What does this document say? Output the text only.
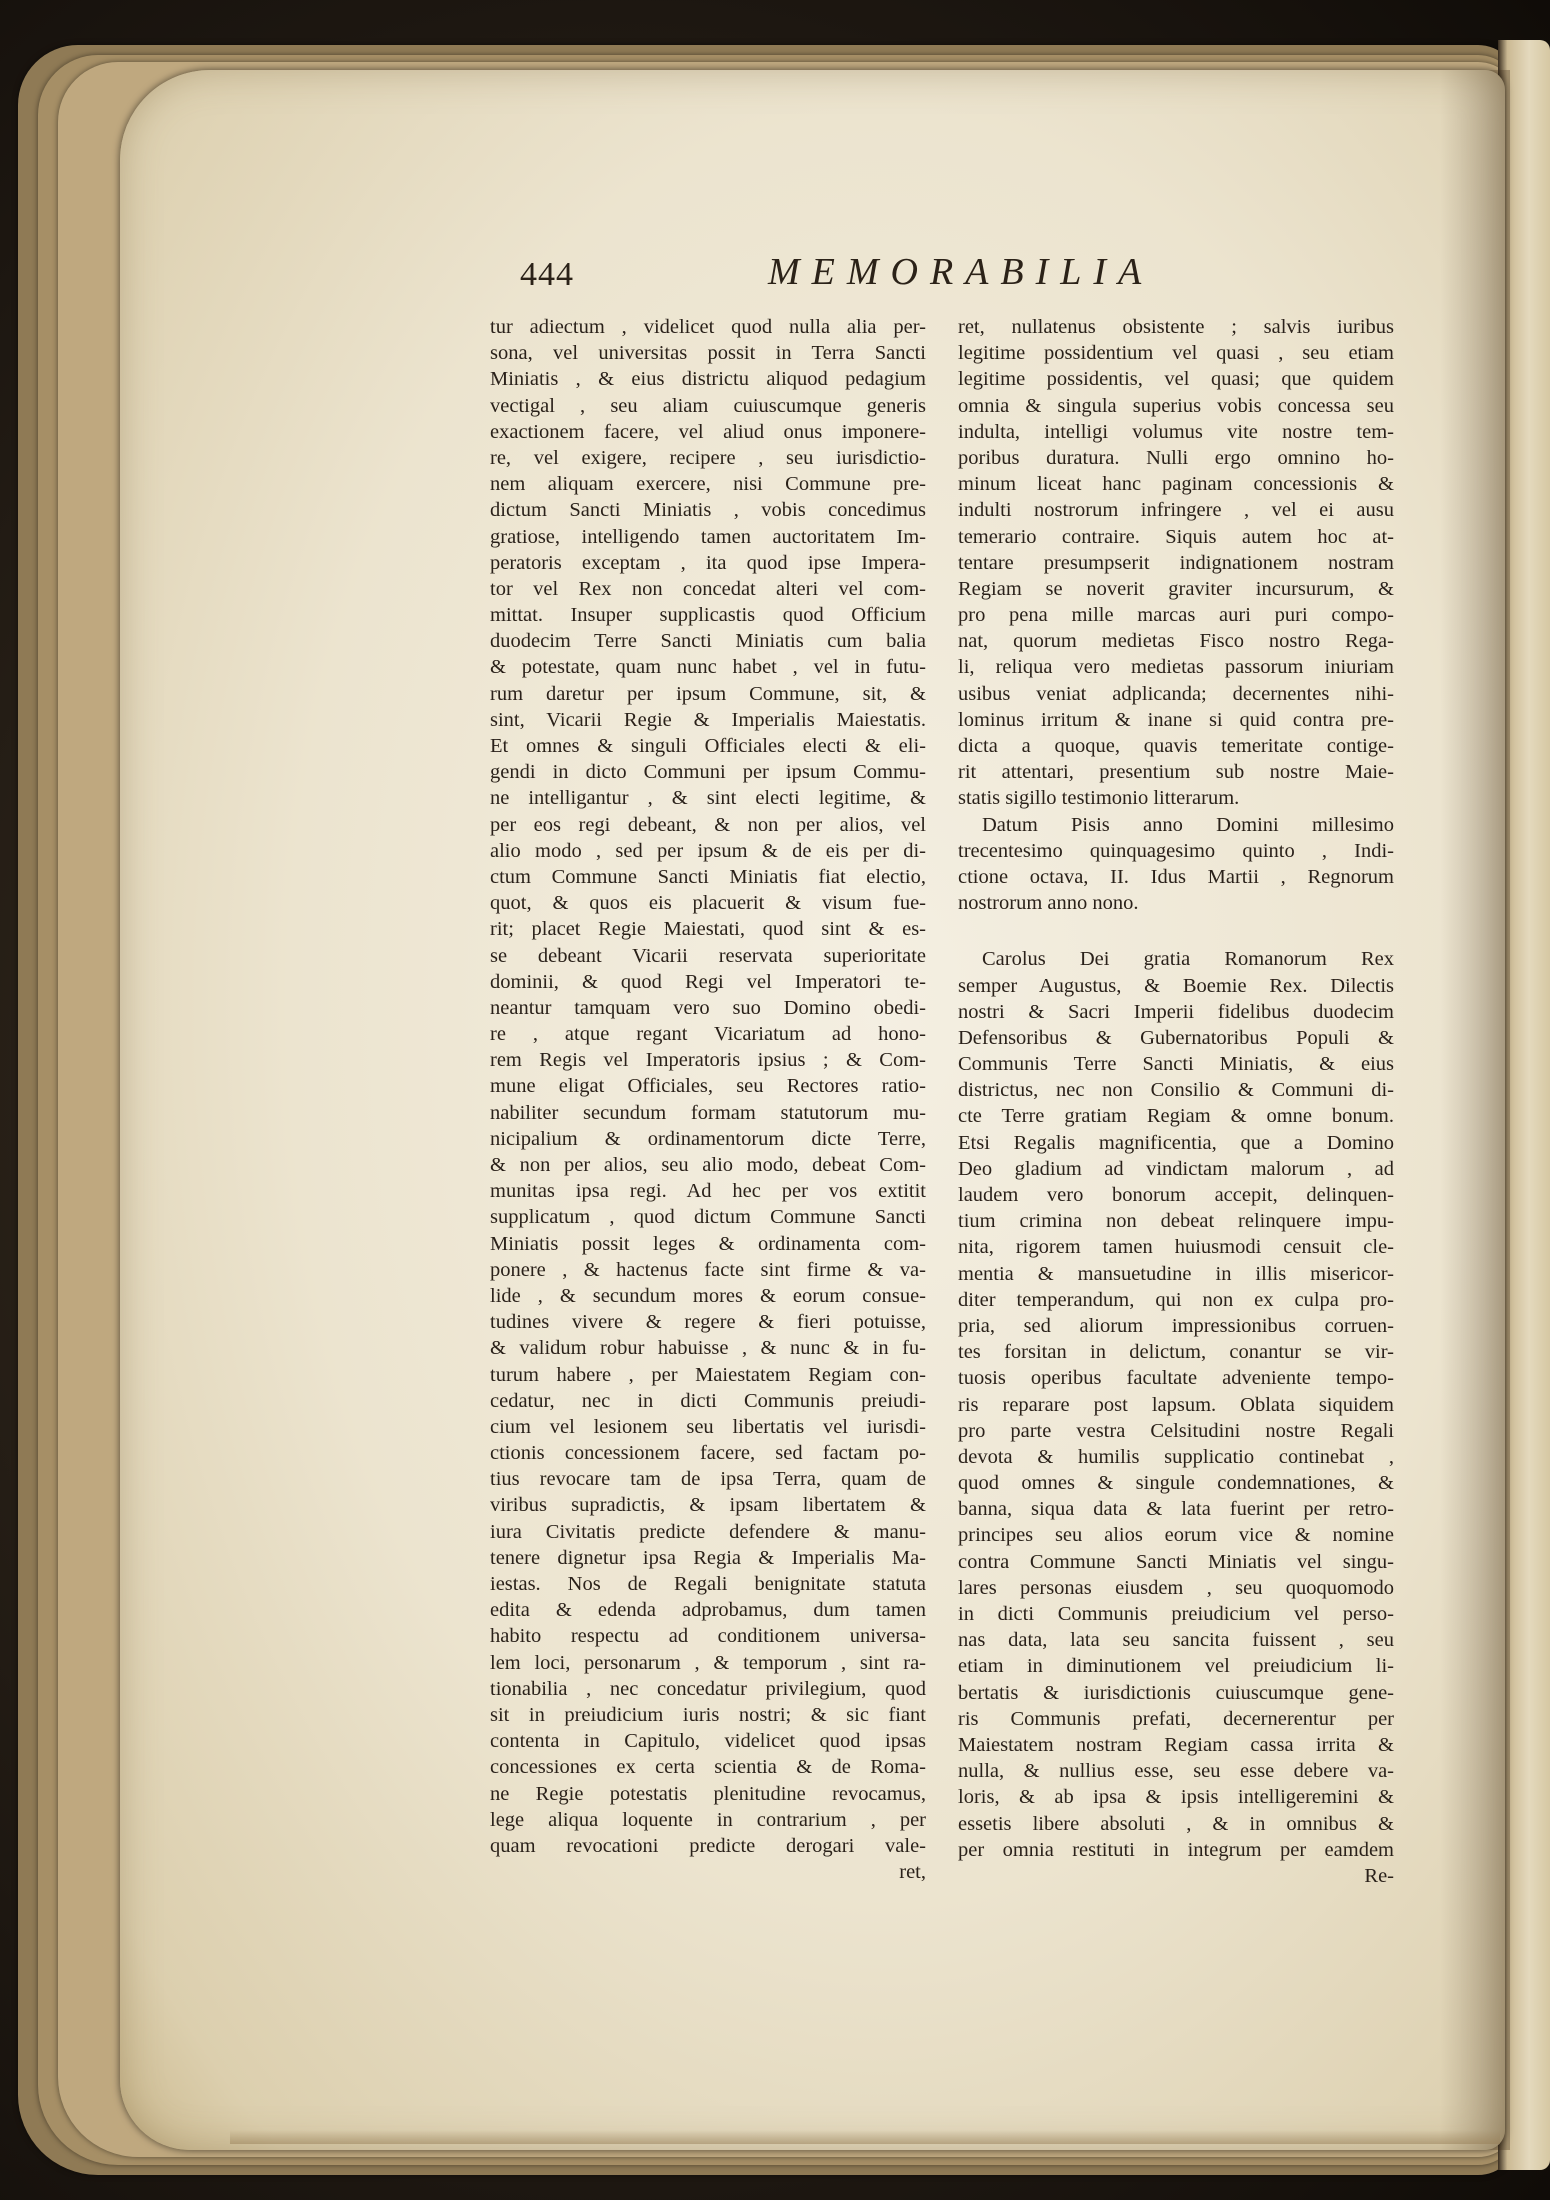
444	MEMORABILIA
tur adiectum , videlicet quod nulla alia per-
sona, vel universitas possit in Terra Sancti
Miniatis , & eius districtu aliquod pedagium
vectigal , seu aliam cuiuscumque generis
exactionem facere, vel aliud onus imponere-
re, vel exigere, recipere , seu iurisdictio-
nem aliquam exercere, nisi Commune pre-
dictum Sancti Miniatis , vobis concedimus
gratiose, intelligendo tamen auctoritatem Im-
peratoris exceptam , ita quod ipse Impera-
tor vel Rex non concedat alteri vel com-
mittat. Insuper supplicastis quod Officium
duodecim Terre Sancti Miniatis cum balia
& potestate, quam nunc habet , vel in futu-
rum daretur per ipsum Commune, sit, &
sint, Vicarii Regie & Imperialis Maiestatis.
Et omnes & singuli Officiales electi & eli-
gendi in dicto Communi per ipsum Commu-
ne intelligantur , & sint electi legitime, &
per eos regi debeant, & non per alios, vel
alio modo , sed per ipsum & de eis per di-
ctum Commune Sancti Miniatis fiat electio,
quot, & quos eis placuerit & visum fue-
rit; placet Regie Maiestati, quod sint & es-
se debeant Vicarii reservata superioritate
dominii, & quod Regi vel Imperatori te-
neantur tamquam vero suo Domino obedi-
re , atque regant Vicariatum ad hono-
rem Regis vel Imperatoris ipsius ; & Com-
mune eligat Officiales, seu Rectores ratio-
nabiliter secundum formam statutorum mu-
nicipalium & ordinamentorum dicte Terre,
& non per alios, seu alio modo, debeat Com-
munitas ipsa regi. Ad hec per vos extitit
supplicatum , quod dictum Commune Sancti
Miniatis possit leges & ordinamenta com-
ponere , & hactenus facte sint firme & va-
lide , & secundum mores & eorum consue-
tudines vivere & regere & fieri potuisse,
& validum robur habuisse , & nunc & in fu-
turum habere , per Maiestatem Regiam con-
cedatur, nec in dicti Communis preiudi-
cium vel lesionem seu libertatis vel iurisdi-
ctionis concessionem facere, sed factam po-
tius revocare tam de ipsa Terra, quam de
viribus supradictis, & ipsam libertatem &
iura Civitatis predicte defendere & manu-
tenere dignetur ipsa Regia & Imperialis Ma-
iestas. Nos de Regali benignitate statuta
edita & edenda adprobamus, dum tamen
habito respectu ad conditionem universa-
lem loci, personarum , & temporum , sint ra-
tionabilia , nec concedatur privilegium, quod
sit in preiudicium iuris nostri; & sic fiant
contenta in Capitulo, videlicet quod ipsas
concessiones ex certa scientia & de Roma-
ne Regie potestatis plenitudine revocamus,
lege aliqua loquente in contrarium , per
quam revocationi predicte derogari vale-
ret,
ret, nullatenus obsistente ; salvis iuribus
legitime possidentium vel quasi , seu etiam
legitime possidentis, vel quasi; que quidem
omnia & singula superius vobis concessa seu
indulta, intelligi volumus vite nostre tem-
poribus duratura. Nulli ergo omnino ho-
minum liceat hanc paginam concessionis &
indulti nostrorum infringere , vel ei ausu
temerario contraire. Siquis autem hoc at-
tentare presumpserit indignationem nostram
Regiam se noverit graviter incursurum, &
pro pena mille marcas auri puri compo-
nat, quorum medietas Fisco nostro Rega-
li, reliqua vero medietas passorum iniuriam
usibus veniat adplicanda; decernentes nihi-
lominus irritum & inane si quid contra pre-
dicta a quoque, quavis temeritate contige-
rit attentari, presentium sub nostre Maie-
statis sigillo testimonio litterarum.
Datum Pisis anno Domini millesimo
trecentesimo quinquagesimo quinto , Indi-
ctione octava, II. Idus Martii , Regnorum
nostrorum anno nono.
Carolus Dei gratia Romanorum Rex
semper Augustus, & Boemie Rex. Dilectis
nostri & Sacri Imperii fidelibus duodecim
Defensoribus & Gubernatoribus Populi &
Communis Terre Sancti Miniatis, & eius
districtus, nec non Consilio & Communi di-
cte Terre gratiam Regiam & omne bonum.
Etsi Regalis magnificentia, que a Domino
Deo gladium ad vindictam malorum , ad
laudem vero bonorum accepit, delinquen-
tium crimina non debeat relinquere impu-
nita, rigorem tamen huiusmodi censuit cle-
mentia & mansuetudine in illis misericor-
diter temperandum, qui non ex culpa pro-
pria, sed aliorum impressionibus corruen-
tes forsitan in delictum, conantur se vir-
tuosis operibus facultate adveniente tempo-
ris reparare post lapsum. Oblata siquidem
pro parte vestra Celsitudini nostre Regali
devota & humilis supplicatio continebat ,
quod omnes & singule condemnationes, &
banna, siqua data & lata fuerint per retro-
principes seu alios eorum vice & nomine
contra Commune Sancti Miniatis vel singu-
lares personas eiusdem , seu quoquomodo
in dicti Communis preiudicium vel perso-
nas data, lata seu sancita fuissent , seu
etiam in diminutionem vel preiudicium li-
bertatis & iurisdictionis cuiuscumque gene-
ris Communis prefati, decernerentur per
Maiestatem nostram Regiam cassa irrita &
nulla, & nullius esse, seu esse debere va-
loris, & ab ipsa & ipsis intelligeremini &
essetis libere absoluti , & in omnibus &
per omnia restituti in integrum per eamdem
Re-
